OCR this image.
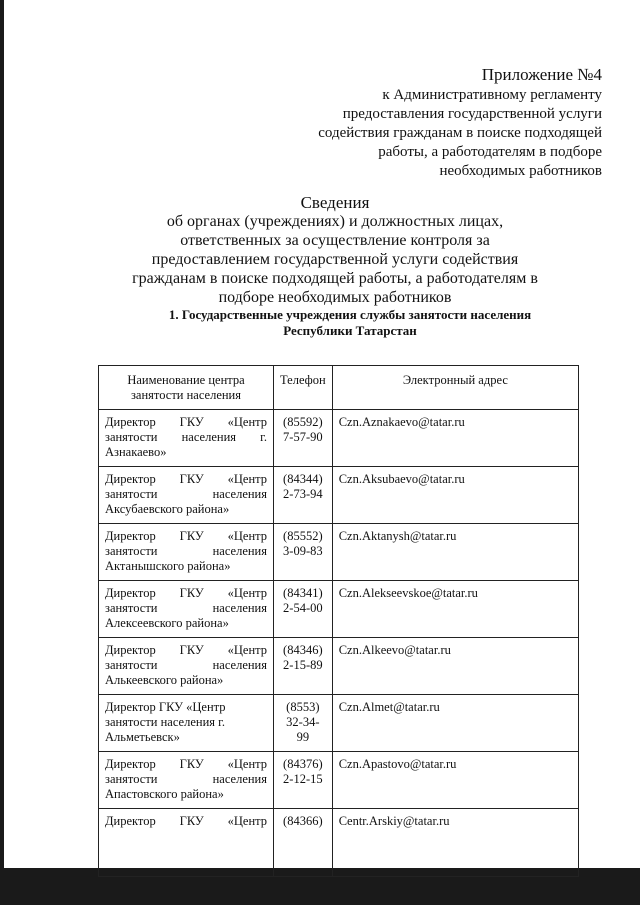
Приложение №4
к Административному регламенту
предоставления государственной услуги
содействия гражданам в поиске подходящей
работы, а работодателям в подборе
необходимых работников
Сведения
об органах (учреждениях) и должностных лицах,
ответственных за осуществление контроля за
предоставлением государственной услуги содействия
гражданам в поиске подходящей работы, а работодателям в
подборе необходимых работников
1. Государственные учреждения службы занятости населения
Республики Татарстан
Наименование центра занятости населения	Телефон	Электронный адрес
Директор ГКУ «Центр занятости населения г. Азнакаево»	(85592) 7-57-90	Czn.Aznakaevo@tatar.ru
Директор ГКУ «Центр занятости населения Аксубаевского района»	(84344) 2-73-94	Czn.Aksubaevo@tatar.ru
Директор ГКУ «Центр занятости населения Актанышского района»	(85552) 3-09-83	Czn.Aktanysh@tatar.ru
Директор ГКУ «Центр занятости населения Алексеевского района»	(84341) 2-54-00	Czn.Alekseevskoe@tatar.ru
Директор ГКУ «Центр занятости населения Алькеевского района»	(84346) 2-15-89	Czn.Alkeevo@tatar.ru
Директор ГКУ «Центр занятости населения г. Альметьевск»	(8553) 32-34-99	Czn.Almet@tatar.ru
Директор ГКУ «Центр занятости населения Апастовского района»	(84376) 2-12-15	Czn.Apastovo@tatar.ru
Директор ГКУ «Центр	(84366)	Centr.Arskiy@tatar.ru
